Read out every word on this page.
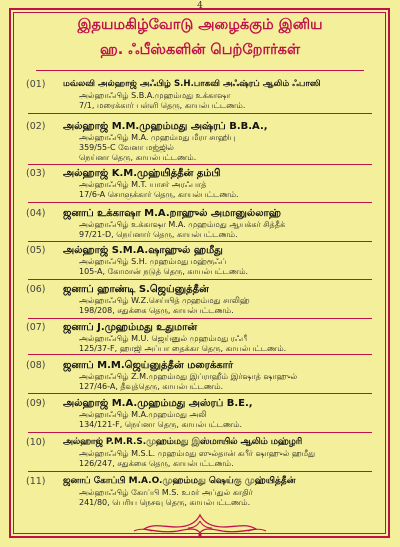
4
இதயமகிழ்வோடு அழைக்கும் இனிய
ஹ. ஃபீஸ்களின் பெற்றோர்கள்
(01) மவ்லவி அல்ஹாஜ் அஃபிழ் S.H.பாகவி அஃஷ்ரப் ஆலிம் ஃபாஸி
அல்ஹாஃபிழ் S.B.A.முஹம்மது உக்காஷா
7/1, மரைக்கார் பள்ளி தெரு, காயல்பட்டணம்.
(02) அல்ஹாஜ் M.M.முஹம்மது அஷ்ரப் B.B.A.,
அல்ஹாஃபிழ் M.A. முஹம்மது மீரா சாஹிபு
359/55-C வேனா மஜ்ஜில்
நெய்னா தெரு, காயல்பட்டணம்.
(03) அல்ஹாஜ் K.M.முஹ்யித்தீன் தம்பி
அல்ஹாஃபிழ் M.T. யாசர் அரஃபாத்
17/6-A சொளுக்கார் தெரு, காயல்பட்டணம்.
(04) ஜனாப் உக்காஷா M.A.றாஹுல் அமானுல்லாஹ்
அல்ஹாஃபிழ் உக்காஷா M.A. முஹம்மது ஆயக்கர் சித்தீக்
97/21-D, நெய்னார் தெரு, காயல்பட்டணம்.
(05) அல்ஹாஜ் S.M.A.ஷாஹுல் ஹமீது
அல்ஹாஃபிழ் S.H. முஹம்மது மஹ்ரூஃப்
105-A, கோமான் நடுத் தெரு, காயல்பட்டணம்.
(06) ஜனாப் ஹாண்டி S.ஜெய்னுத்தீன்
அல்ஹாஃபிழ் W.Z.செய்யித் முஹம்மது சாலிஹ்
198/208, சதுக்கை தெரு, காயல்பட்டணம்.
(07) ஜனாப் J.முஹம்மது உதுமான்
அல்ஹாஃபிழ் M.U. ஜெய்னுல் முஹம்மது ரஃபீ
125/37-F, ஹாஜி அப்பா தைக்கா தெரு, காயல்பட்டணம்.
(08) ஜனாப் M.M.ஜெய்னுத்தீன் மரைக்கார்
அல்ஹாஃபிழ் Z.M.முஹம்மது இப்ராஹீம் இர்ஷாத் ஷாஹுல்
127/46-A, தீவுத்தெரு, காயல்பட்டணம்.
(09) அல்ஹாஜ் M.A.முஹம்மது அஸ்ரப் B.E.,
அல்ஹாஃபிழ் M.A.முஹம்மது அலி
134/121-F, நெய்னா தெரு, காயல்பட்டணம்.
(10) அல்ஹாஜ் P.M.R.S.முஹம்மது இஸ்மாயில் ஆலிம் மஹ்ழரி
அல்ஹாஃபிழ் M.S.L. முஹம்மது ஸுல்தான் கபீர் ஷாஹுல் ஹமீது
126/247, சதுக்கை தெரு, காயல்பட்டணம்.
(11) ஜனாப் கோப்பி M.A.O.முஹம்மது ஷெய்கு முஹ்யித்தீன்
அல்ஹாஃபிழ் கோப்பி M.S. உமர் அப்துல் காதிர்
241/80, பெரிய நெசவு தெரு, காயல்பட்டணம்.
